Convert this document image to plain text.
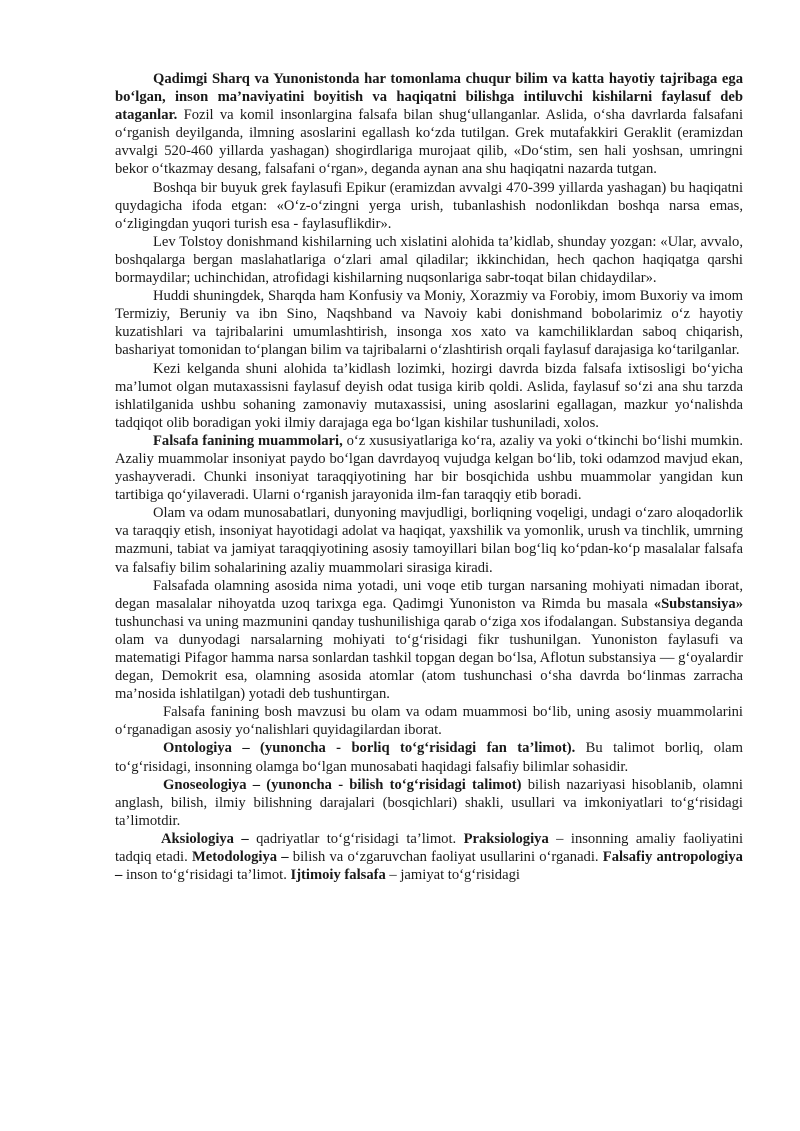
Qadimgi Sharq va Yunonistonda har tomonlama chuqur bilim va katta hayotiy tajribaga ega bo‘lgan, inson ma’naviyatini boyitish va haqiqatni bilishga intiluvchi kishilarni faylasuf deb ataganlar. Fozil va komil insonlargina falsafa bilan shug‘ullanganlar. Aslida, o‘sha davrlarda falsafani o‘rganish deyilganda, ilmning asoslarini egallash ko‘zda tutilgan. Grek mutafakkiri Geraklit (eramizdan avvalgi 520-460 yillarda yashagan) shogirdlariga murojaat qilib, «Do‘stim, sen hali yoshsan, umringni bekor o‘tkazmay desang, falsafani o‘rgan», deganda aynan ana shu haqiqatni nazarda tutgan.

Boshqa bir buyuk grek faylasufi Epikur (eramizdan avvalgi 470-399 yillarda yashagan) bu haqiqatni quydagicha ifoda etgan: «O‘z-o‘zingni yerga urish, tubanlashish nodonlikdan boshqa narsa emas, o‘zligingdan yuqori turish esa - faylasuflikdir».

Lev Tolstoy donishmand kishilarning uch xislatini alohida ta’kidlab, shunday yozgan: «Ular, avvalo, boshqalarga bergan maslahatlariga o‘zlari amal qiladilar; ikkinchidan, hech qachon haqiqatga qarshi bormaydilar; uchinchidan, atrofidagi kishilarning nuqsonlariga sabr-toqat bilan chidaydilar».

Huddi shuningdek, Sharqda ham Konfusiy va Moniy, Xorazmiy va Forobiy, imom Buxoriy va imom Termiziy, Beruniy va ibn Sino, Naqshband va Navoiy kabi donishmand bobolarimiz o‘z hayotiy kuzatishlari va tajribalarini umumlashtirish, insonga xos xato va kamchiliklardan saboq chiqarish, bashariyat tomonidan to‘plangan bilim va tajribalarni o‘zlashtirish orqali faylasuf darajasiga ko‘tarilganlar.

Kezi kelganda shuni alohida ta’kidlash lozimki, hozirgi davrda bizda falsafa ixtisosligi bo‘yicha ma’lumot olgan mutaxassisni faylasuf deyish odat tusiga kirib qoldi. Aslida, faylasuf so‘zi ana shu tarzda ishlatilganida ushbu sohaning zamonaviy mutaxassisi, uning asoslarini egallagan, mazkur yo‘nalishda tadqiqot olib boradigan yoki ilmiy darajaga ega bo‘lgan kishilar tushuniladi, xolos.

Falsafa fanining muammolari, o‘z xususiyatlariga ko‘ra, azaliy va yoki o‘tkinchi bo‘lishi mumkin. Azaliy muammolar insoniyat paydo bo‘lgan davrdayoq vujudga kelgan bo‘lib, toki odamzod mavjud ekan, yashayveradi. Chunki insoniyat taraqqiyotining har bir bosqichida ushbu muammolar yangidan kun tartibiga qo‘yilaveradi. Ularni o‘rganish jarayonida ilm-fan taraqqiy etib boradi.

Olam va odam munosabatlari, dunyoning mavjudligi, borliqning voqeligi, undagi o‘zaro aloqadorlik va taraqqiy etish, insoniyat hayotidagi adolat va haqiqat, yaxshilik va yomonlik, urush va tinchlik, umrning mazmuni, tabiat va jamiyat taraqqiyotining asosiy tamoyillari bilan bog‘liq ko‘pdan-ko‘p masalalar falsafa va falsafiy bilim sohalarining azaliy muammolari sirasiga kiradi.

Falsafada olamning asosida nima yotadi, uni voqe etib turgan narsaning mohiyati nimadan iborat, degan masalalar nihoyatda uzoq tarixga ega. Qadimgi Yunoniston va Rimda bu masala «Substansiya» tushunchasi va uning mazmunini qanday tushunilishiga qarab o‘ziga xos ifodalangan. Substansiya deganda olam va dunyodagi narsalarning mohiyati to‘g‘risidagi fikr tushunilgan. Yunoniston faylasufi va matematigi Pifagor hamma narsa sonlardan tashkil topgan degan bo‘lsa, Aflotun substansiya — g‘oyalardir degan, Demokrit esa, olamning asosida atomlar (atom tushunchasi o‘sha davrda bo‘linmas zarracha ma’nosida ishlatilgan) yotadi deb tushuntirgan.

Falsafa fanining bosh mavzusi bu olam va odam muammosi bo‘lib, uning asosiy muammolarini o‘rganadigan asosiy yo‘nalishlari quyidagilardan iborat.

Ontologiya – (yunoncha - borliq to‘g‘risidagi fan ta’limot). Bu talimot borliq, olam to‘g‘risidagi, insonning olamga bo‘lgan munosabati haqidagi falsafiy bilimlar sohasidir.

Gnoseologiya – (yunoncha - bilish to‘g‘risidagi talimot) bilish nazariyasi hisoblanib, olamni anglash, bilish, ilmiy bilishning darajalari (bosqichlari) shakli, usullari va imkoniyatlari to‘g‘risidagi ta’limotdir.

Aksiologiya – qadriyatlar to‘g‘risidagi ta’limot. Praksiologiya – insonning amaliy faoliyatini tadqiq etadi. Metodologiya – bilish va o‘zgaruvchan faoliyat usullarini o‘rganadi. Falsafiy antropologiya – inson to‘g‘risidagi ta’limot. Ijtimoiy falsafa – jamiyat to‘g‘risidagi
